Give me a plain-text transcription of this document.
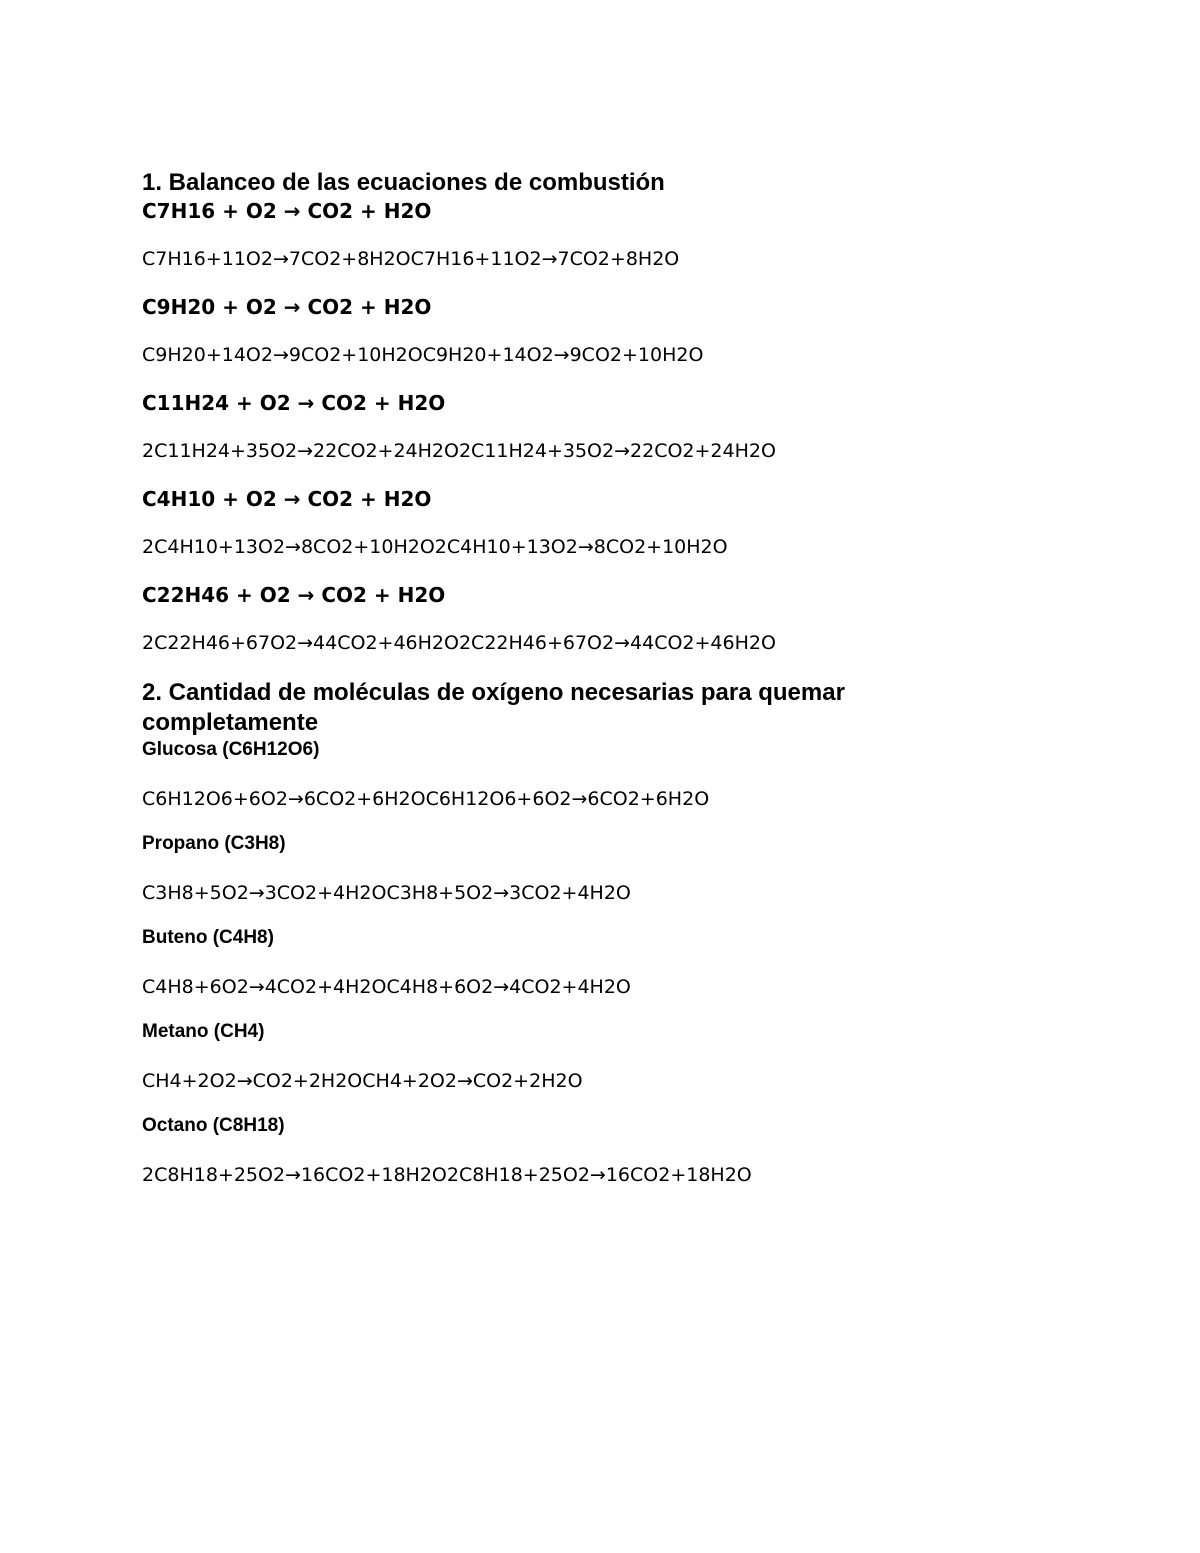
1. Balanceo de las ecuaciones de combustión
C7H16 + O2 → CO2 + H2O
C7H16+11O2→7CO2+8H2OC7H16+11O2→7CO2+8H2O
C9H20 + O2 → CO2 + H2O
C9H20+14O2→9CO2+10H2OC9H20+14O2→9CO2+10H2O
C11H24 + O2 → CO2 + H2O
2C11H24+35O2→22CO2+24H2O2C11H24+35O2→22CO2+24H2O
C4H10 + O2 → CO2 + H2O
2C4H10+13O2→8CO2+10H2O2C4H10+13O2→8CO2+10H2O
C22H46 + O2 → CO2 + H2O
2C22H46+67O2→44CO2+46H2O2C22H46+67O2→44CO2+46H2O
2. Cantidad de moléculas de oxígeno necesarias para quemar completamente
Glucosa (C6H12O6)
C6H12O6+6O2→6CO2+6H2OC6H12O6+6O2→6CO2+6H2O
Propano (C3H8)
C3H8+5O2→3CO2+4H2OC3H8+5O2→3CO2+4H2O
Buteno (C4H8)
C4H8+6O2→4CO2+4H2OC4H8+6O2→4CO2+4H2O
Metano (CH4)
CH4+2O2→CO2+2H2OCH4+2O2→CO2+2H2O
Octano (C8H18)
2C8H18+25O2→16CO2+18H2O2C8H18+25O2→16CO2+18H2O
